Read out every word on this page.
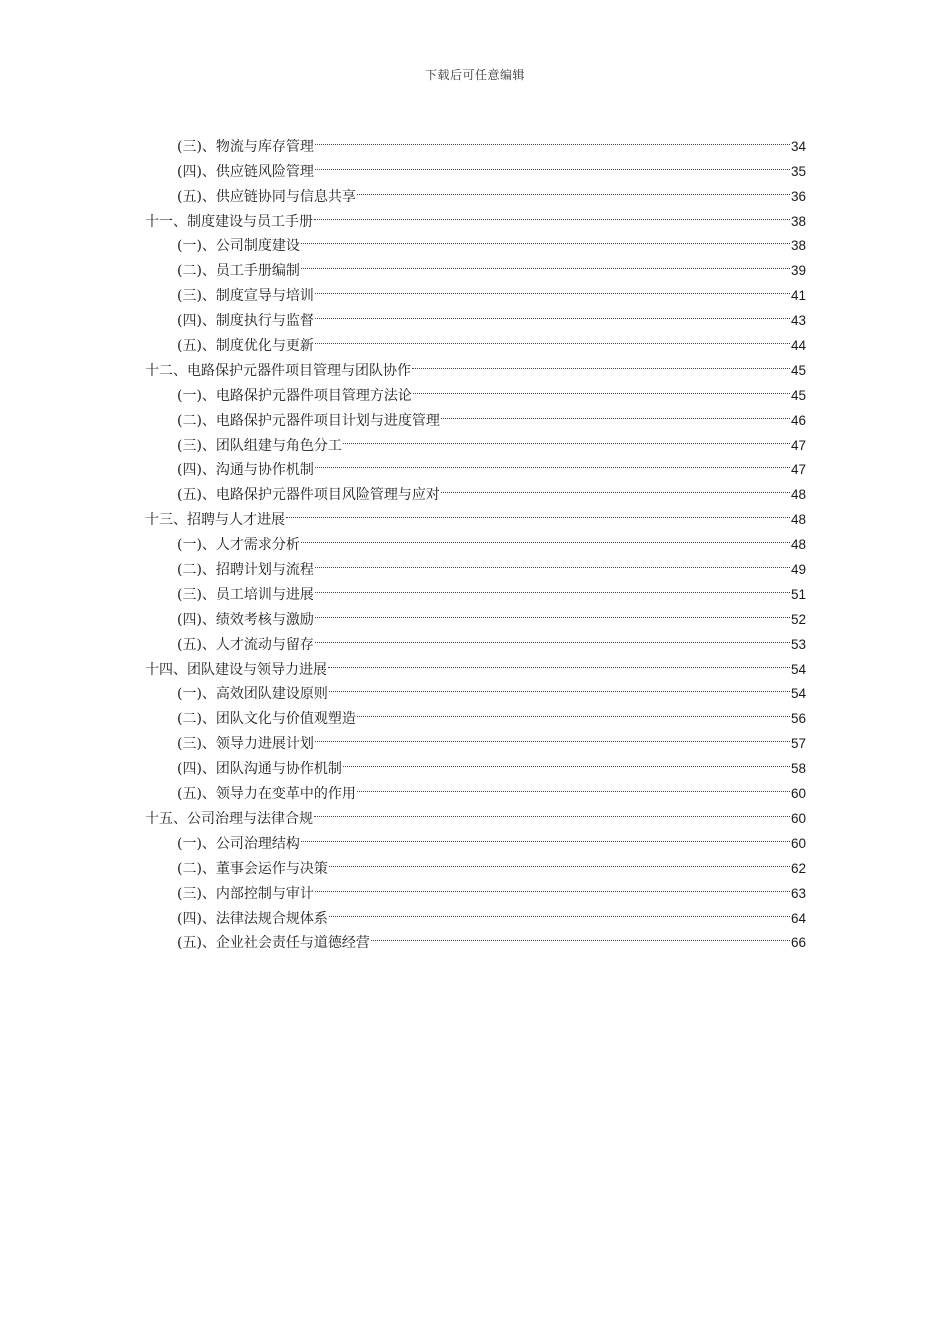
下载后可任意编辑
(三)、物流与库存管理	34
(四)、供应链风险管理	35
(五)、供应链协同与信息共享	36
十一、制度建设与员工手册	38
(一)、公司制度建设	38
(二)、员工手册编制	39
(三)、制度宣导与培训	41
(四)、制度执行与监督	43
(五)、制度优化与更新	44
十二、电路保护元器件项目管理与团队协作	45
(一)、电路保护元器件项目管理方法论	45
(二)、电路保护元器件项目计划与进度管理	46
(三)、团队组建与角色分工	47
(四)、沟通与协作机制	47
(五)、电路保护元器件项目风险管理与应对	48
十三、招聘与人才进展	48
(一)、人才需求分析	48
(二)、招聘计划与流程	49
(三)、员工培训与进展	51
(四)、绩效考核与激励	52
(五)、人才流动与留存	53
十四、团队建设与领导力进展	54
(一)、高效团队建设原则	54
(二)、团队文化与价值观塑造	56
(三)、领导力进展计划	57
(四)、团队沟通与协作机制	58
(五)、领导力在变革中的作用	60
十五、公司治理与法律合规	60
(一)、公司治理结构	60
(二)、董事会运作与决策	62
(三)、内部控制与审计	63
(四)、法律法规合规体系	64
(五)、企业社会责任与道德经营	66
